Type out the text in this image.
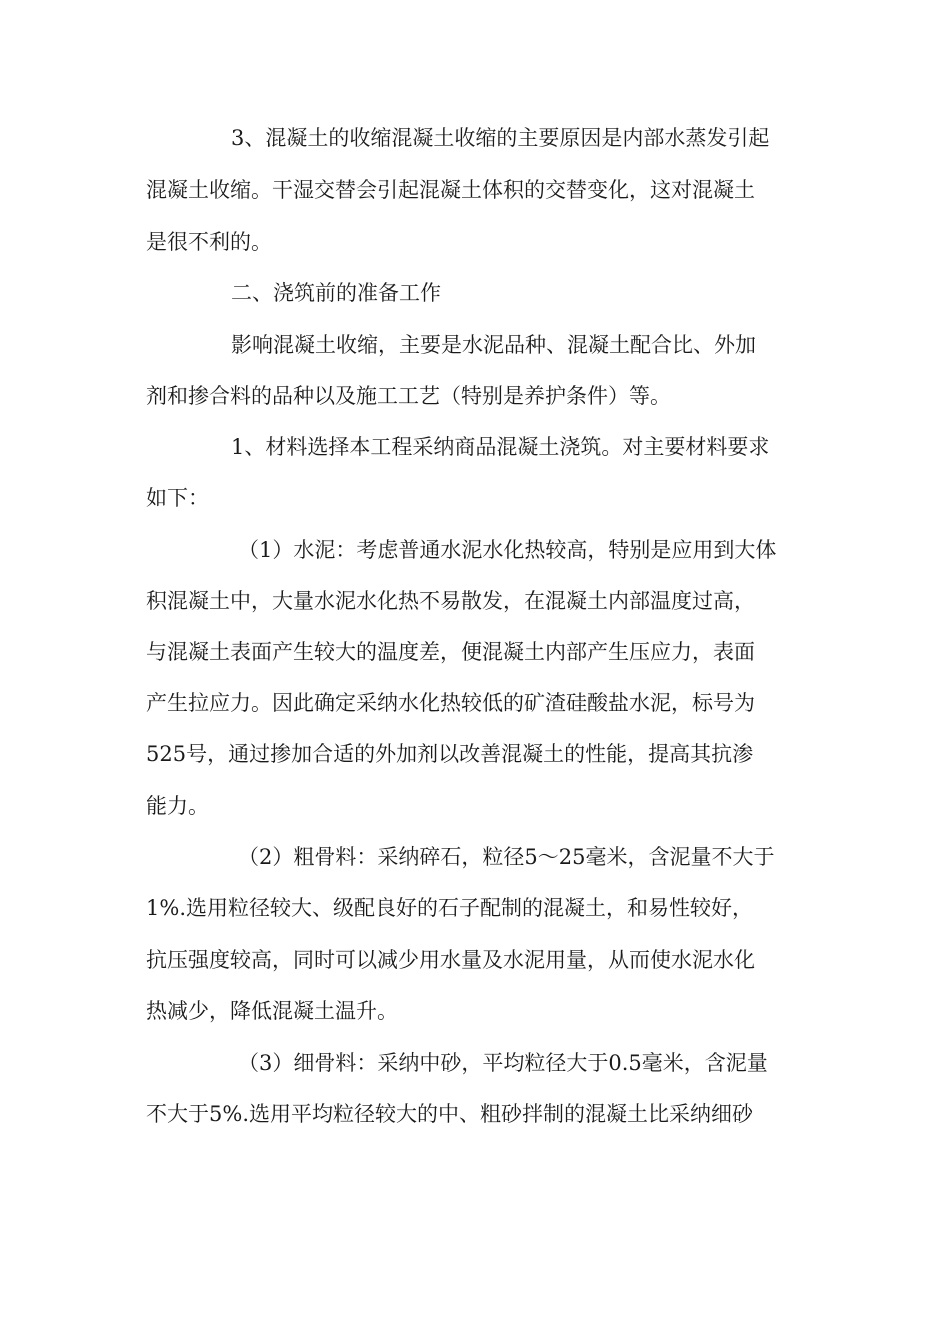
3、混凝土的收缩混凝土收缩的主要原因是内部水蒸发引起
混凝土收缩。干湿交替会引起混凝土体积的交替变化，这对混凝土
是很不利的。
二、浇筑前的准备工作
影响混凝土收缩，主要是水泥品种、混凝土配合比、外加
剂和掺合料的品种以及施工工艺（特别是养护条件）等。
1、材料选择本工程采纳商品混凝土浇筑。对主要材料要求
如下：
（1）水泥：考虑普通水泥水化热较高，特别是应用到大体
积混凝土中，大量水泥水化热不易散发，在混凝土内部温度过高，
与混凝土表面产生较大的温度差，便混凝土内部产生压应力，表面
产生拉应力。因此确定采纳水化热较低的矿渣硅酸盐水泥，标号为
525号，通过掺加合适的外加剂以改善混凝土的性能，提高其抗渗
能力。
（2）粗骨料：采纳碎石，粒径5～25毫米，含泥量不大于
1%.选用粒径较大、级配良好的石子配制的混凝土，和易性较好，
抗压强度较高，同时可以减少用水量及水泥用量，从而使水泥水化
热减少，降低混凝土温升。
（3）细骨料：采纳中砂，平均粒径大于0.5毫米，含泥量
不大于5%.选用平均粒径较大的中、粗砂拌制的混凝土比采纳细砂
